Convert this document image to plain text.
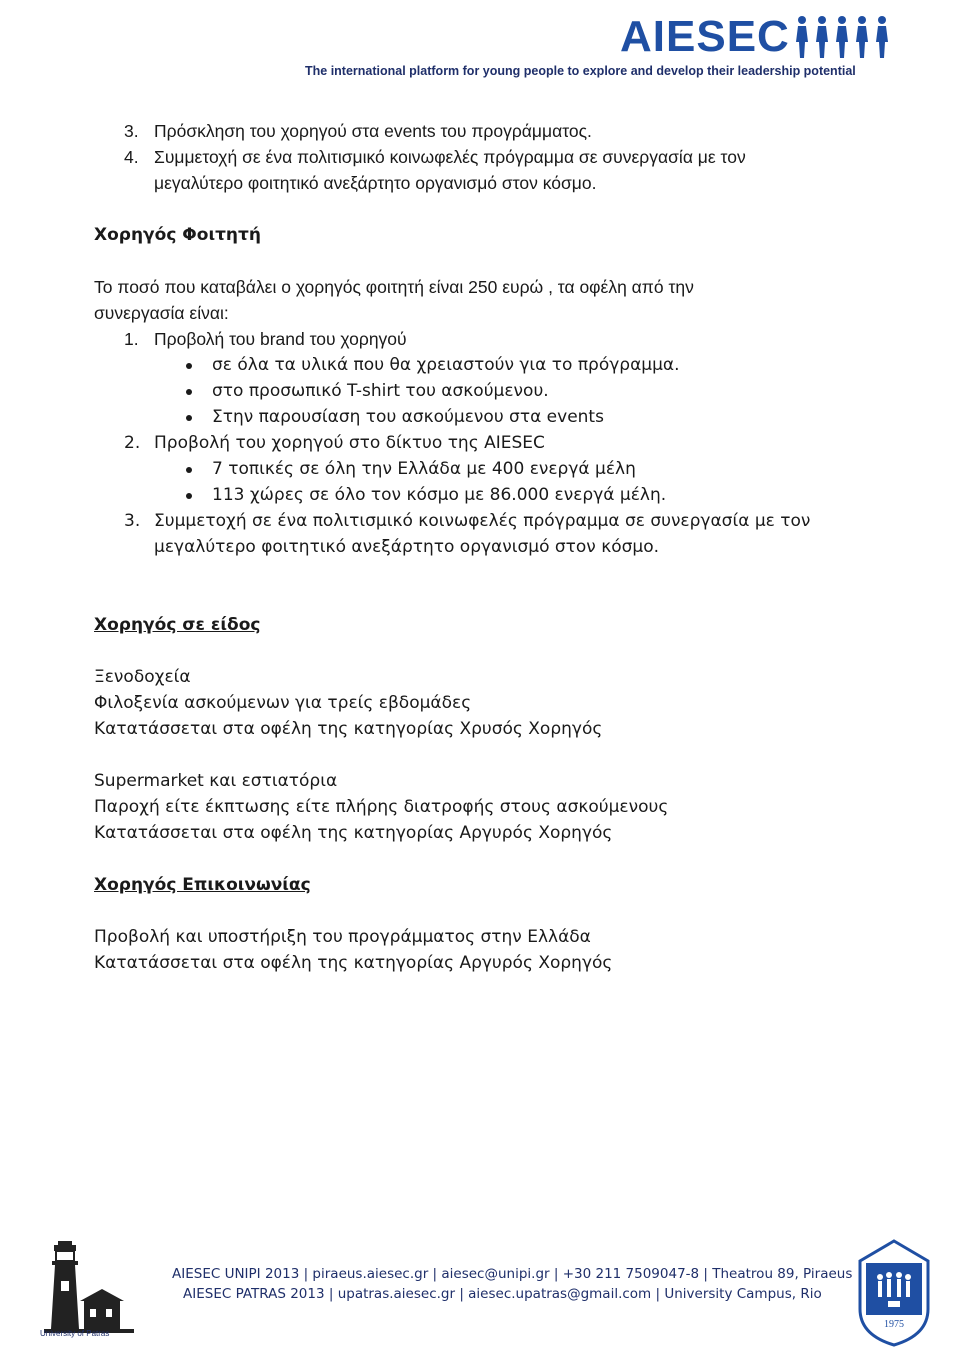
AIESEC
The international platform for young people to explore and develop their leadership potential
3. Πρόσκληση του χορηγού στα events του προγράμματος.
4. Συμμετοχή σε ένα πολιτισμικό κοινωφελές πρόγραμμα σε συνεργασία με τον
μεγαλύτερο φοιτητικό ανεξάρτητο οργανισμό στον κόσμο.
Χορηγός Φοιτητή
Το ποσό που καταβάλει ο χορηγός φοιτητή είναι 250 ευρώ , τα οφέλη από την
συνεργασία είναι:
1. Προβολή του brand του χορηγού
σε όλα τα υλικά που θα χρειαστούν για το πρόγραμμα.
στο προσωπικό T-shirt του ασκούμενου.
Στην παρουσίαση του ασκούμενου στα events
2. Προβολή του χορηγού στο δίκτυο της AIESEC
7 τοπικές σε όλη την Ελλάδα με 400 ενεργά μέλη
113 χώρες σε όλο τον κόσμο με 86.000 ενεργά μέλη.
3. Συμμετοχή σε ένα πολιτισμικό κοινωφελές πρόγραμμα σε συνεργασία με τον
μεγαλύτερο φοιτητικό ανεξάρτητο οργανισμό στον κόσμο.
Χορηγός σε είδος
Ξενοδοχεία
Φιλοξενία ασκούμενων για τρείς εβδομάδες
Κατατάσσεται στα οφέλη της κατηγορίας Χρυσός Χορηγός
Supermarket και εστιατόρια
Παροχή είτε έκπτωσης είτε πλήρης διατροφής στους ασκούμενους
Κατατάσσεται στα οφέλη της κατηγορίας Αργυρός Χορηγός
Χορηγός Επικοινωνίας
Προβολή και υποστήριξη του προγράμματος στην Ελλάδα
Κατατάσσεται στα οφέλη της κατηγορίας Αργυρός Χορηγός
University of Patras
AIESEC UNIPI 2013 | piraeus.aiesec.gr | aiesec@unipi.gr | +30 211 7509047-8 | Theatrou 89, Piraeus
AIESEC PATRAS 2013 | upatras.aiesec.gr | aiesec.upatras@gmail.com | University Campus, Rio
1975
